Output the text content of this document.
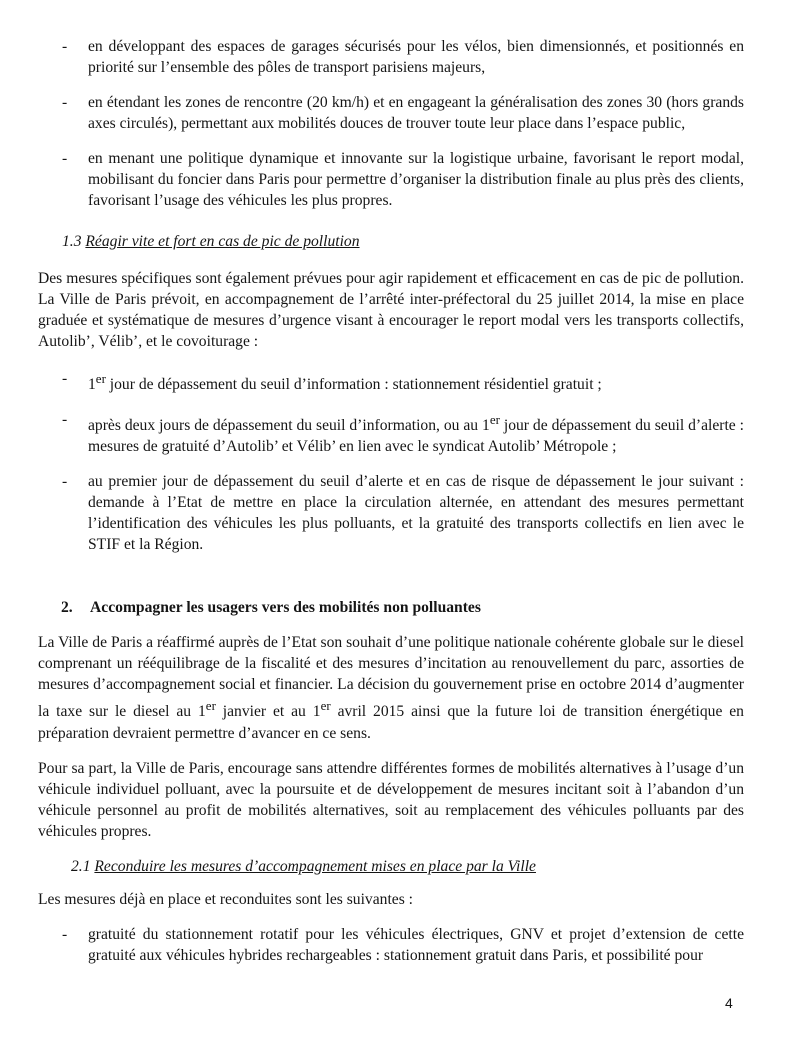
- en développant des espaces de garages sécurisés pour les vélos, bien dimensionnés, et positionnés en priorité sur l’ensemble des pôles de transport parisiens majeurs,
- en étendant les zones de rencontre (20 km/h) et en engageant la généralisation des zones 30 (hors grands axes circulés), permettant aux mobilités douces de trouver toute leur place dans l’espace public,
- en menant une politique dynamique et innovante sur la logistique urbaine, favorisant le report modal, mobilisant du foncier dans Paris pour permettre d’organiser la distribution finale au plus près des clients, favorisant l’usage des véhicules les plus propres.
1.3 Réagir vite et fort en cas de pic de pollution

Des mesures spécifiques sont également prévues pour agir rapidement et efficacement en cas de pic de pollution. La Ville de Paris prévoit, en accompagnement de l’arrêté inter-préfectoral du 25 juillet 2014, la mise en place graduée et systématique de mesures d’urgence visant à encourager le report modal vers les transports collectifs, Autolib’, Vélib’, et le covoiturage :

- 1er jour de dépassement du seuil d’information : stationnement résidentiel gratuit ;
- après deux jours de dépassement du seuil d’information, ou au 1er jour de dépassement du seuil d’alerte : mesures de gratuité d’Autolib’ et Vélib’ en lien avec le syndicat Autolib’ Métropole ;
- au premier jour de dépassement du seuil d’alerte et en cas de risque de dépassement le jour suivant : demande à l’Etat de mettre en place la circulation alternée, en attendant des mesures permettant l’identification des véhicules les plus polluants, et la gratuité des transports collectifs en lien avec le STIF et la Région.
2. Accompagner les usagers vers des mobilités non polluantes

La Ville de Paris a réaffirmé auprès de l’Etat son souhait d’une politique nationale cohérente globale sur le diesel comprenant un rééquilibrage de la fiscalité et des mesures d’incitation au renouvellement du parc, assorties de mesures d’accompagnement social et financier. La décision du gouvernement prise en octobre 2014 d’augmenter la taxe sur le diesel au 1er janvier et au 1er avril 2015 ainsi que la future loi de transition énergétique en préparation devraient permettre d’avancer en ce sens.

Pour sa part, la Ville de Paris, encourage sans attendre différentes formes de mobilités alternatives à l’usage d’un véhicule individuel polluant, avec la poursuite et de développement de mesures incitant soit à l’abandon d’un véhicule personnel au profit de mobilités alternatives, soit au remplacement des véhicules polluants par des véhicules propres.

2.1 Reconduire les mesures d’accompagnement mises en place par la Ville

Les mesures déjà en place et reconduites sont les suivantes :

- gratuité du stationnement rotatif pour les véhicules électriques, GNV et projet d’extension de cette gratuité aux véhicules hybrides rechargeables : stationnement gratuit dans Paris, et possibilité pour
4
